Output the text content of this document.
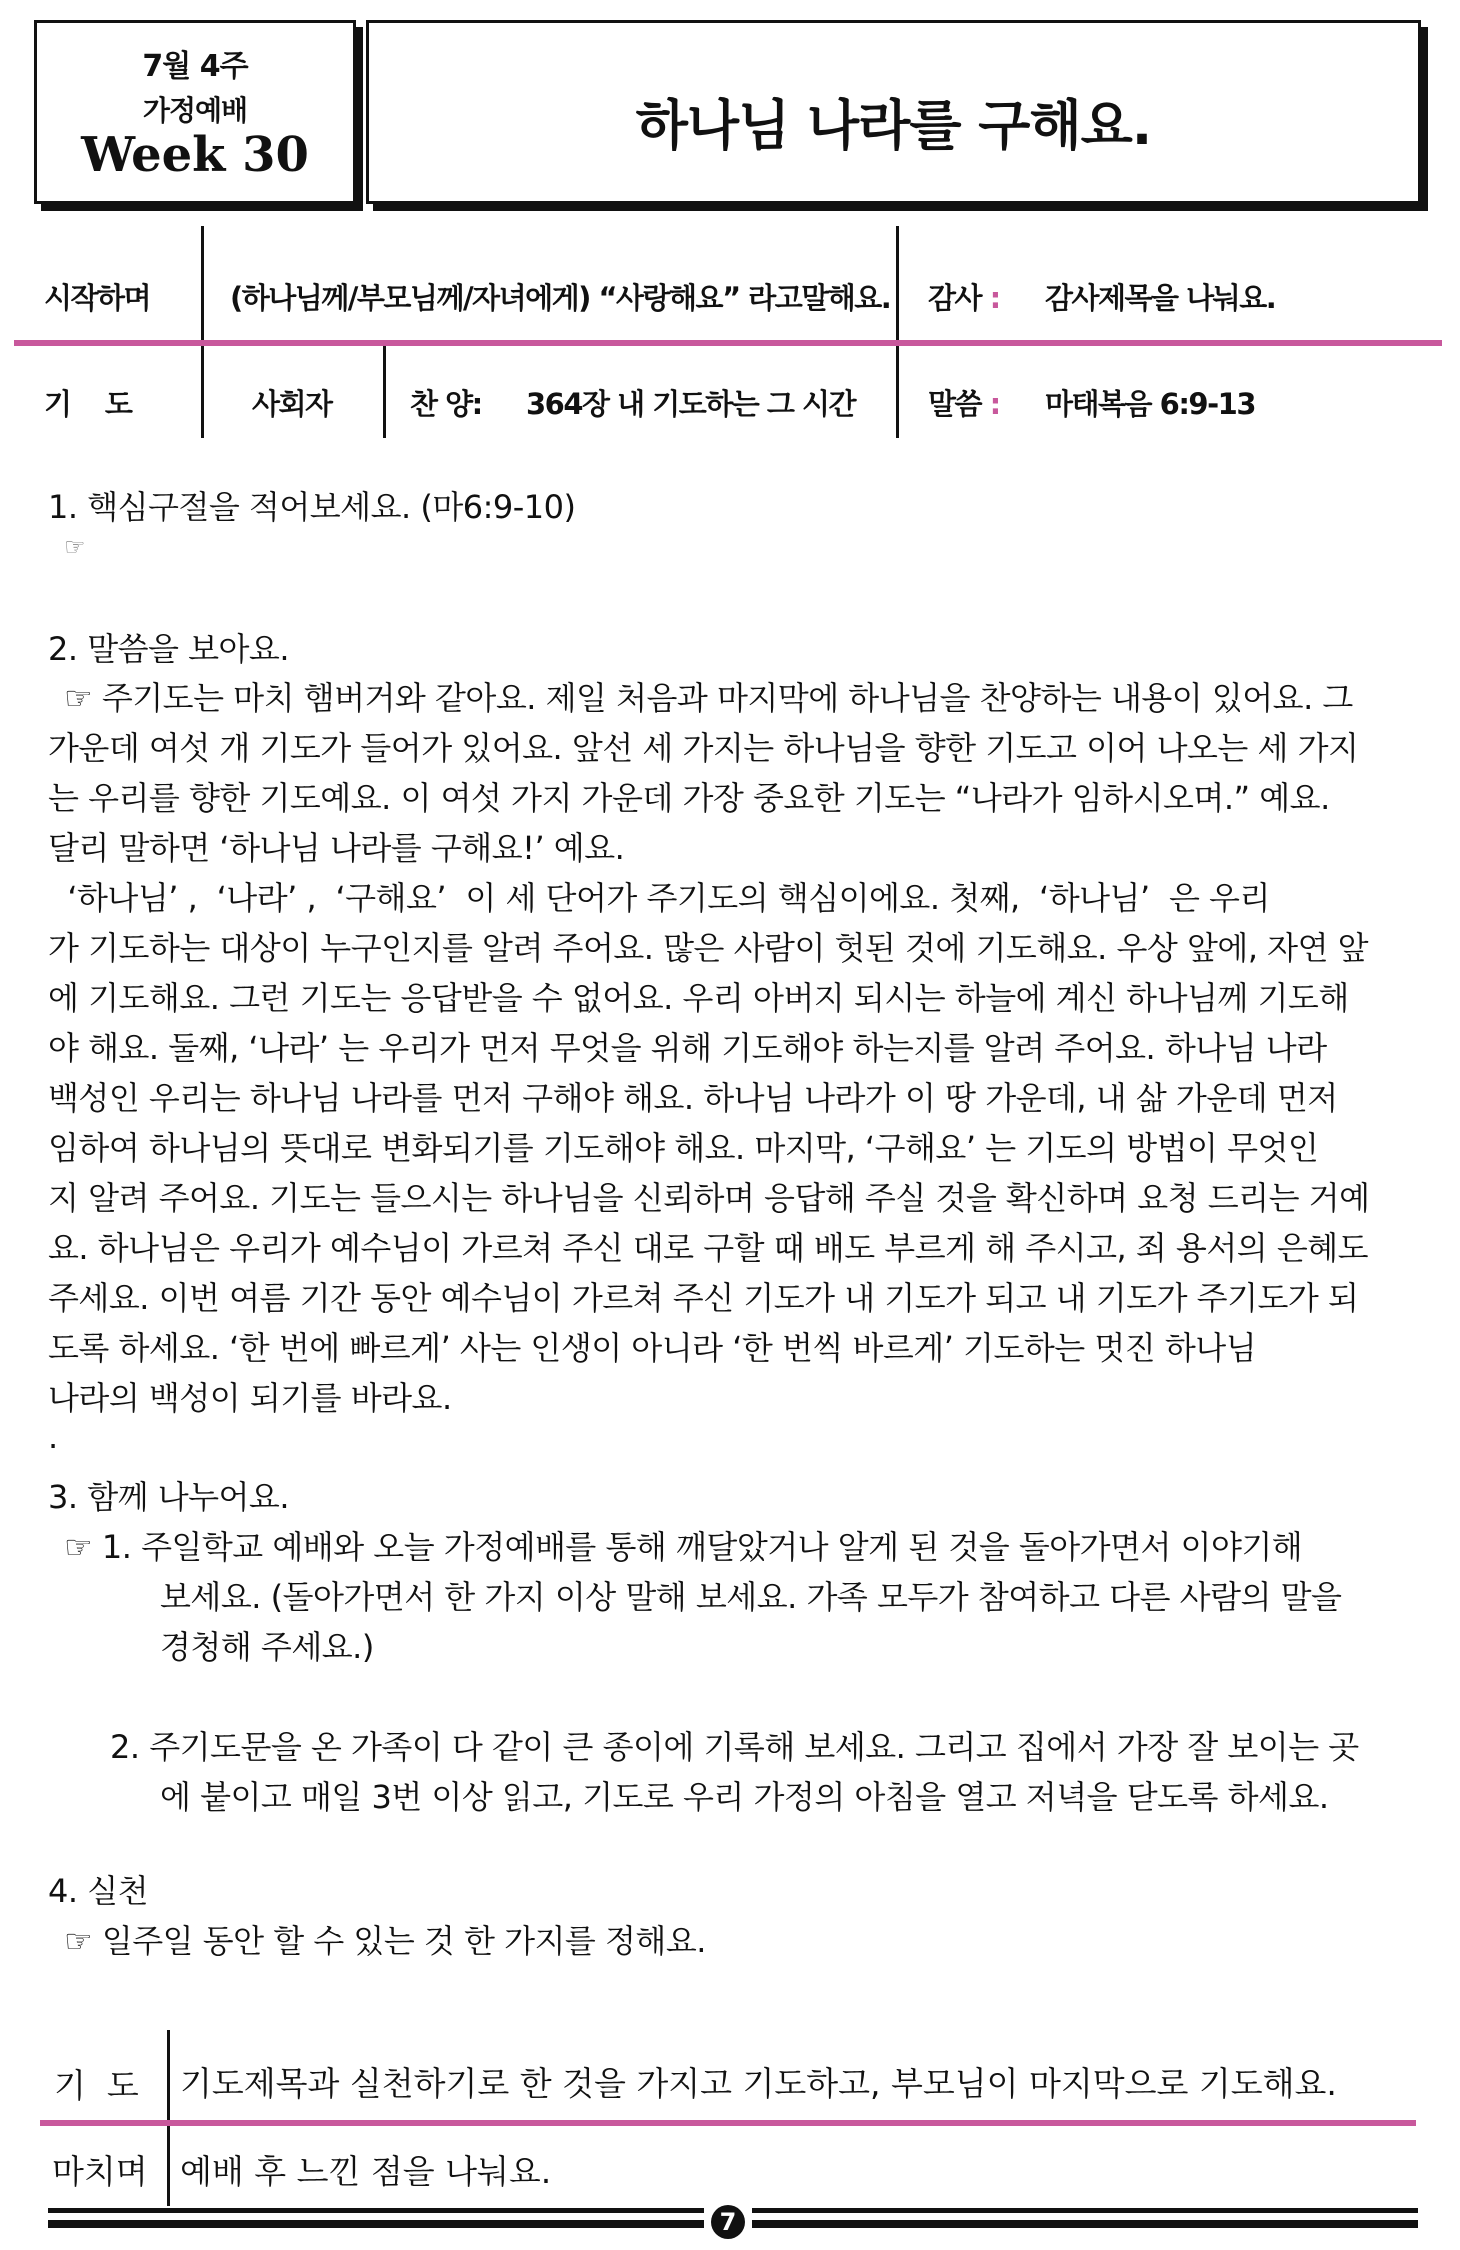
7월 4주
가정예배
Week 30	하나님 나라를 구해요.
시작하며	(하나님께/부모님께/자녀에게) “사랑해요” 라고말해요. 감사 : 감사제목을 나눠요.
기    도	사회자	찬 양: 364장 내 기도하는 그 시간	말씀 : 마태복음 6:9-13
1. 핵심구절을 적어보세요. (마6:9-10)
☞
2. 말씀을 보아요.
☞ 주기도는 마치 햄버거와 같아요. 제일 처음과 마지막에 하나님을 찬양하는 내용이 있어요. 그
가운데 여섯 개 기도가 들어가 있어요. 앞선 세 가지는 하나님을 향한 기도고 이어 나오는 세 가지
는 우리를 향한 기도예요. 이 여섯 가지 가운데 가장 중요한 기도는 “나라가 임하시오며.” 예요.
달리 말하면 ‘하나님 나라를 구해요!’ 예요.
‘하나님’ ,  ‘나라’ ,  ‘구해요’  이 세 단어가 주기도의 핵심이에요. 첫째,  ‘하나님’  은 우리
가 기도하는 대상이 누구인지를 알려 주어요. 많은 사람이 헛된 것에 기도해요. 우상 앞에, 자연 앞
에 기도해요. 그런 기도는 응답받을 수 없어요. 우리 아버지 되시는 하늘에 계신 하나님께 기도해
야 해요. 둘째, ‘나라’ 는 우리가 먼저 무엇을 위해 기도해야 하는지를 알려 주어요. 하나님 나라
백성인 우리는 하나님 나라를 먼저 구해야 해요. 하나님 나라가 이 땅 가운데, 내 삶 가운데 먼저
임하여 하나님의 뜻대로 변화되기를 기도해야 해요. 마지막, ‘구해요’ 는 기도의 방법이 무엇인
지 알려 주어요. 기도는 들으시는 하나님을 신뢰하며 응답해 주실 것을 확신하며 요청 드리는 거예
요. 하나님은 우리가 예수님이 가르쳐 주신 대로 구할 때 배도 부르게 해 주시고, 죄 용서의 은혜도
주세요. 이번 여름 기간 동안 예수님이 가르쳐 주신 기도가 내 기도가 되고 내 기도가 주기도가 되
도록 하세요. ‘한 번에 빠르게’ 사는 인생이 아니라 ‘한 번씩 바르게’ 기도하는 멋진 하나님
나라의 백성이 되기를 바라요.
.
3. 함께 나누어요.
☞ 1. 주일학교 예배와 오늘 가정예배를 통해 깨달았거나 알게 된 것을 돌아가면서 이야기해
보세요. (돌아가면서 한 가지 이상 말해 보세요. 가족 모두가 참여하고 다른 사람의 말을
경청해 주세요.)
2. 주기도문을 온 가족이 다 같이 큰 종이에 기록해 보세요. 그리고 집에서 가장 잘 보이는 곳
에 붙이고 매일 3번 이상 읽고, 기도로 우리 가정의 아침을 열고 저녁을 닫도록 하세요.
4. 실천
☞ 일주일 동안 할 수 있는 것 한 가지를 정해요.
기  도 기도제목과 실천하기로 한 것을 가지고 기도하고, 부모님이 마지막으로 기도해요.
마치며 예배 후 느낀 점을 나눠요.
7
